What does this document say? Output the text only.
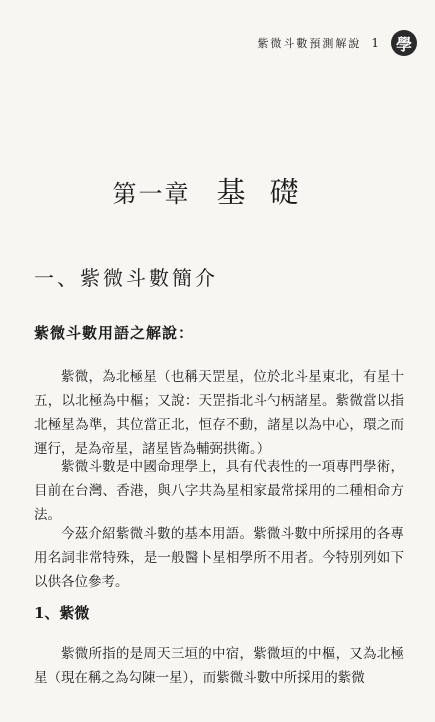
紫微斗數預測解說 1	學
第一章 基礎
一、紫微斗數簡介
紫微斗數用語之解說：

紫微，為北極星（也稱天罡星，位於北斗星東北，有星十五，以北極為中樞；又說：天罡指北斗勺柄諸星。紫微當以指北極星為準，其位當正北，恒存不動，諸星以為中心，環之而運行，是為帝星，諸星皆為輔弼拱衛。）

紫微斗數是中國命理學上，具有代表性的一項專門學術，目前在台灣、香港，與八字共為星相家最常採用的二種相命方法。

今茲介紹紫微斗數的基本用語。紫微斗數中所採用的各專用名詞非常特殊，是一般醫卜星相學所不用者。今特別列如下以供各位參考。

1、紫微

紫微所指的是周天三垣的中宿，紫微垣的中樞，又為北極星（現在稱之為勾陳一星），而紫微斗數中所採用的紫微
